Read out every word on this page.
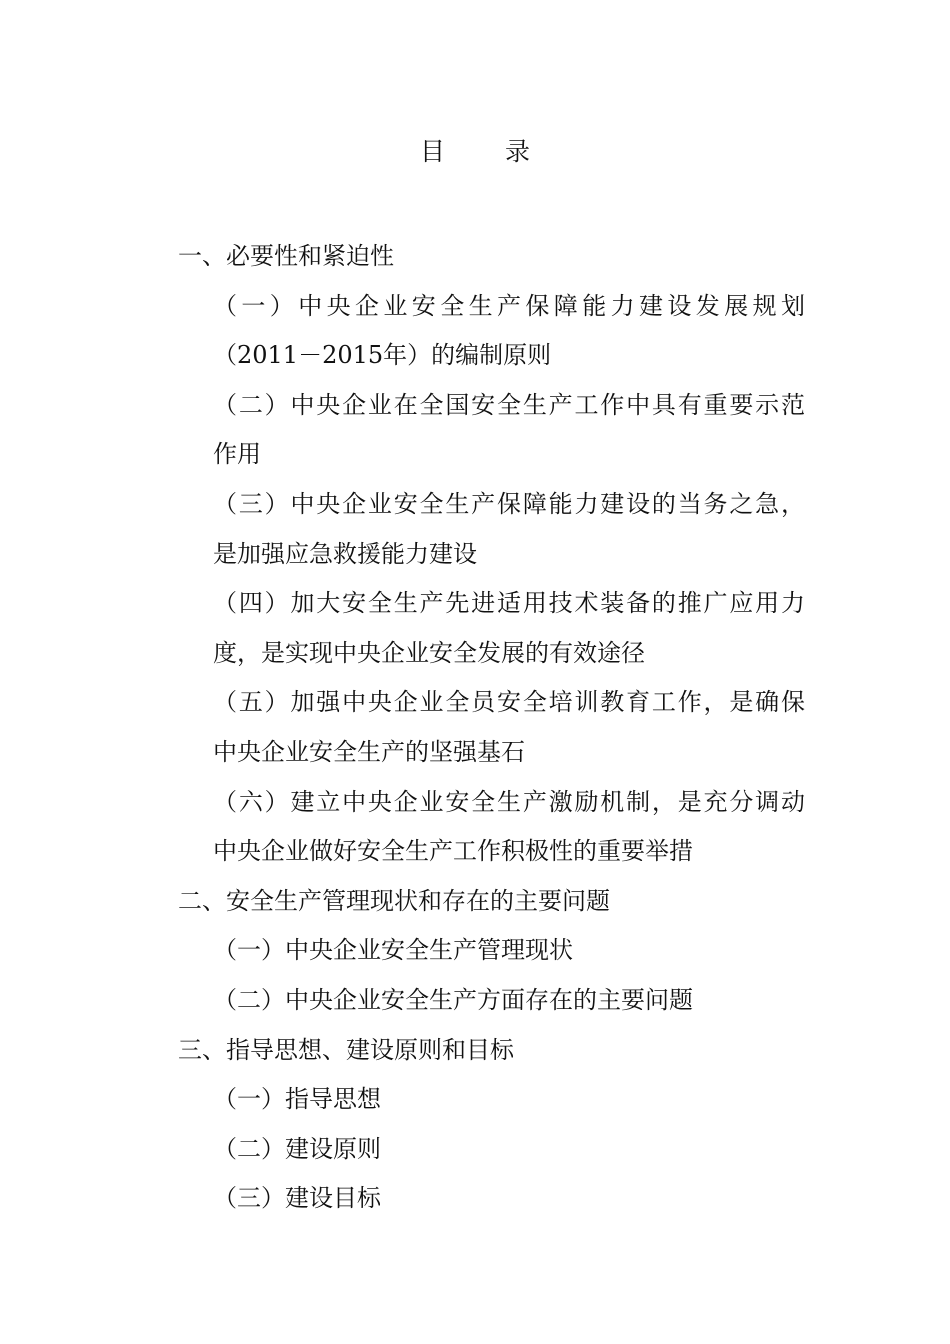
目录
一、必要性和紧迫性
（一）中央企业安全生产保障能力建设发展规划
（2011－2015年）的编制原则
（二）中央企业在全国安全生产工作中具有重要示范
作用
（三）中央企业安全生产保障能力建设的当务之急，
是加强应急救援能力建设
（四）加大安全生产先进适用技术装备的推广应用力
度，是实现中央企业安全发展的有效途径
（五）加强中央企业全员安全培训教育工作，是确保
中央企业安全生产的坚强基石
（六）建立中央企业安全生产激励机制，是充分调动
中央企业做好安全生产工作积极性的重要举措
二、安全生产管理现状和存在的主要问题
（一）中央企业安全生产管理现状
（二）中央企业安全生产方面存在的主要问题
三、指导思想、建设原则和目标
（一）指导思想
（二）建设原则
（三）建设目标
